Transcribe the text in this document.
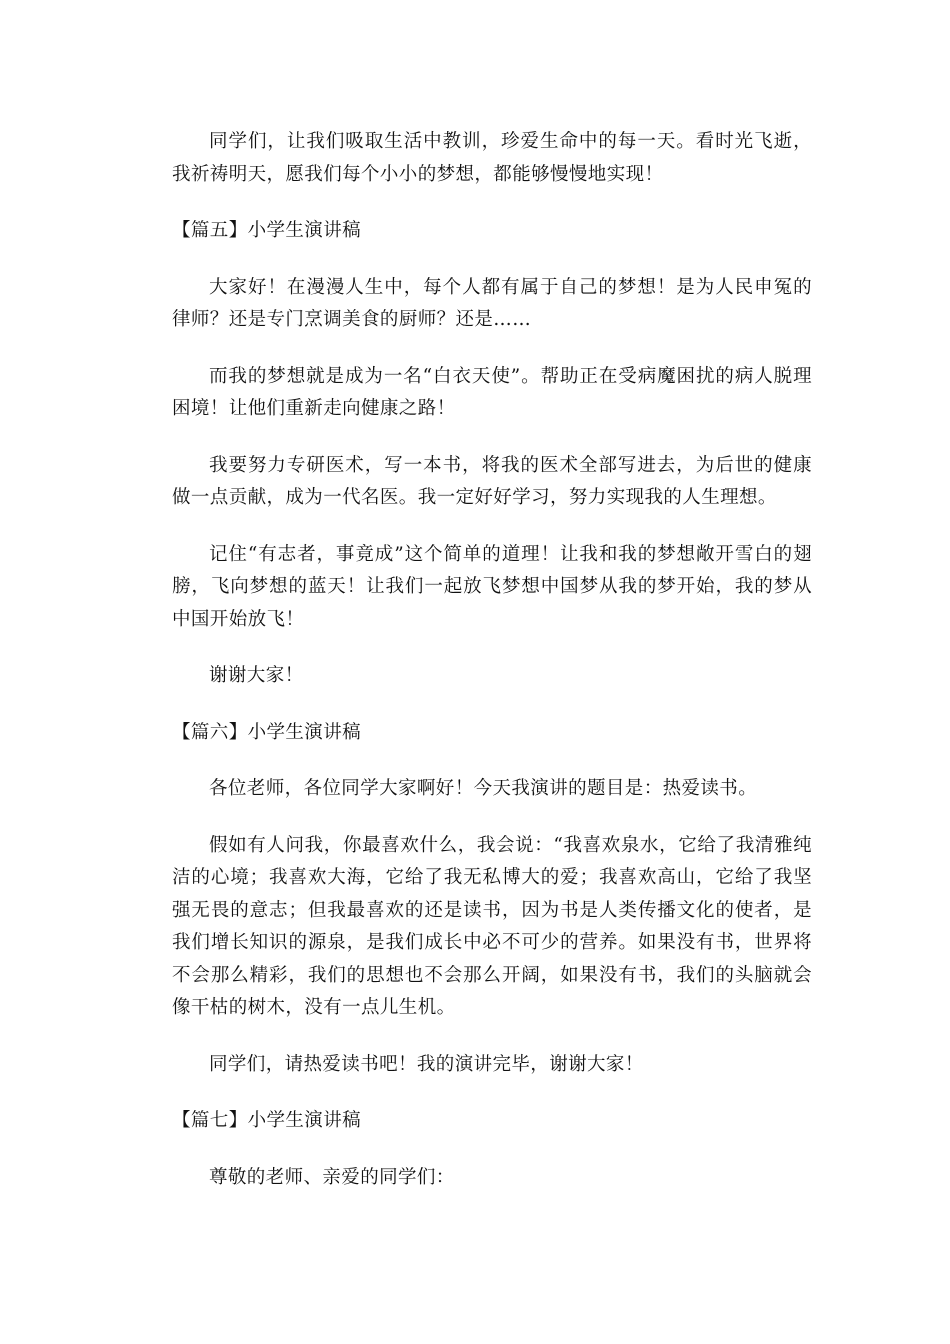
同学们，让我们吸取生活中教训，珍爱生命中的每一天。看时光飞逝，我祈祷明天，愿我们每个小小的梦想，都能够慢慢地实现！

【篇五】小学生演讲稿

大家好！在漫漫人生中，每个人都有属于自己的梦想！是为人民申冤的律师？还是专门烹调美食的厨师？还是……

而我的梦想就是成为一名“白衣天使”。帮助正在受病魔困扰的病人脱理困境！让他们重新走向健康之路！

我要努力专研医术，写一本书，将我的医术全部写进去，为后世的健康做一点贡献，成为一代名医。我一定好好学习，努力实现我的人生理想。

记住“有志者，事竟成”这个简单的道理！让我和我的梦想敞开雪白的翅膀，飞向梦想的蓝天！让我们一起放飞梦想中国梦从我的梦开始，我的梦从中国开始放飞！

谢谢大家！

【篇六】小学生演讲稿

各位老师，各位同学大家啊好！今天我演讲的题目是：热爱读书。

假如有人问我，你最喜欢什么，我会说：“我喜欢泉水，它给了我清雅纯洁的心境；我喜欢大海，它给了我无私博大的爱；我喜欢高山，它给了我坚强无畏的意志；但我最喜欢的还是读书，因为书是人类传播文化的使者，是我们增长知识的源泉，是我们成长中必不可少的营养。如果没有书，世界将不会那么精彩，我们的思想也不会那么开阔，如果没有书，我们的头脑就会像干枯的树木，没有一点儿生机。

同学们，请热爱读书吧！我的演讲完毕，谢谢大家！

【篇七】小学生演讲稿

尊敬的老师、亲爱的同学们：
